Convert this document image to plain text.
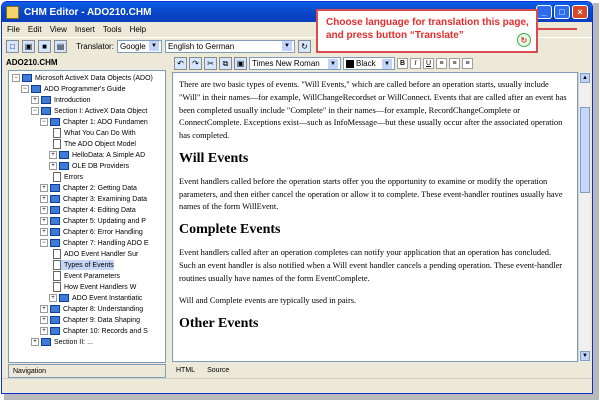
CHM Editor - ADO210.CHM	_	□	×
File Edit View Insert Tools Help
□	▣	■	▤	Translator: Google ▼ English to German	▼	↻
ADO210.CHM
−	Microsoft ActiveX Data Objects (ADO)
−	ADO Programmer's Guide
+	Introduction
−	Section I: ActiveX Data Object
−	Chapter 1: ADO Fundamen
What You Can Do With
The ADO Object Model
+	HelloData: A Simple AD
+	OLE DB Providers
Errors
+	Chapter 2: Getting Data
+	Chapter 3: Examining Data
+	Chapter 4: Editing Data
+	Chapter 5: Updating and P
+	Chapter 6: Error Handling
−	Chapter 7: Handling ADO E
ADO Event Handler Sur
Types of Events
Event Parameters
How Event Handlers W
+	ADO Event Instantiatic
+	Chapter 8: Understanding
+	Chapter 9: Data Shaping
+	Chapter 10: Records and S
+	Section II: ...
Navigation
↶	↷	✂	⧉	▣ Times New Roman	▼	Black	▼ B I U	≡	≡	≡

There are two basic types of events. "Will Events," which are called before an operation starts, usually include "Will" in their names—for example, WillChangeRecordset or WillConnect. Events that are called after an event has been completed usually include "Complete" in their names—for example, RecordChangeComplete or ConnectComplete. Exceptions exist—such as InfoMessage—but these usually occur after the associated operation has completed.

Will Events

Event handlers called before the operation starts offer you the opportunity to examine or modify the operation parameters, and then either cancel the operation or allow it to complete. These event-handler routines usually have names of the form WillEvent.

Complete Events

Event handlers called after an operation completes can notify your application that an operation has concluded. Such an event handler is also notified when a Will event handler cancels a pending operation. These event-handler routines usually have names of the form EventComplete.

Will and Complete events are typically used in pairs.

Other Events
▲
▼
HTML Source
Choose language for translation this page, and press button “Translate”	↻
